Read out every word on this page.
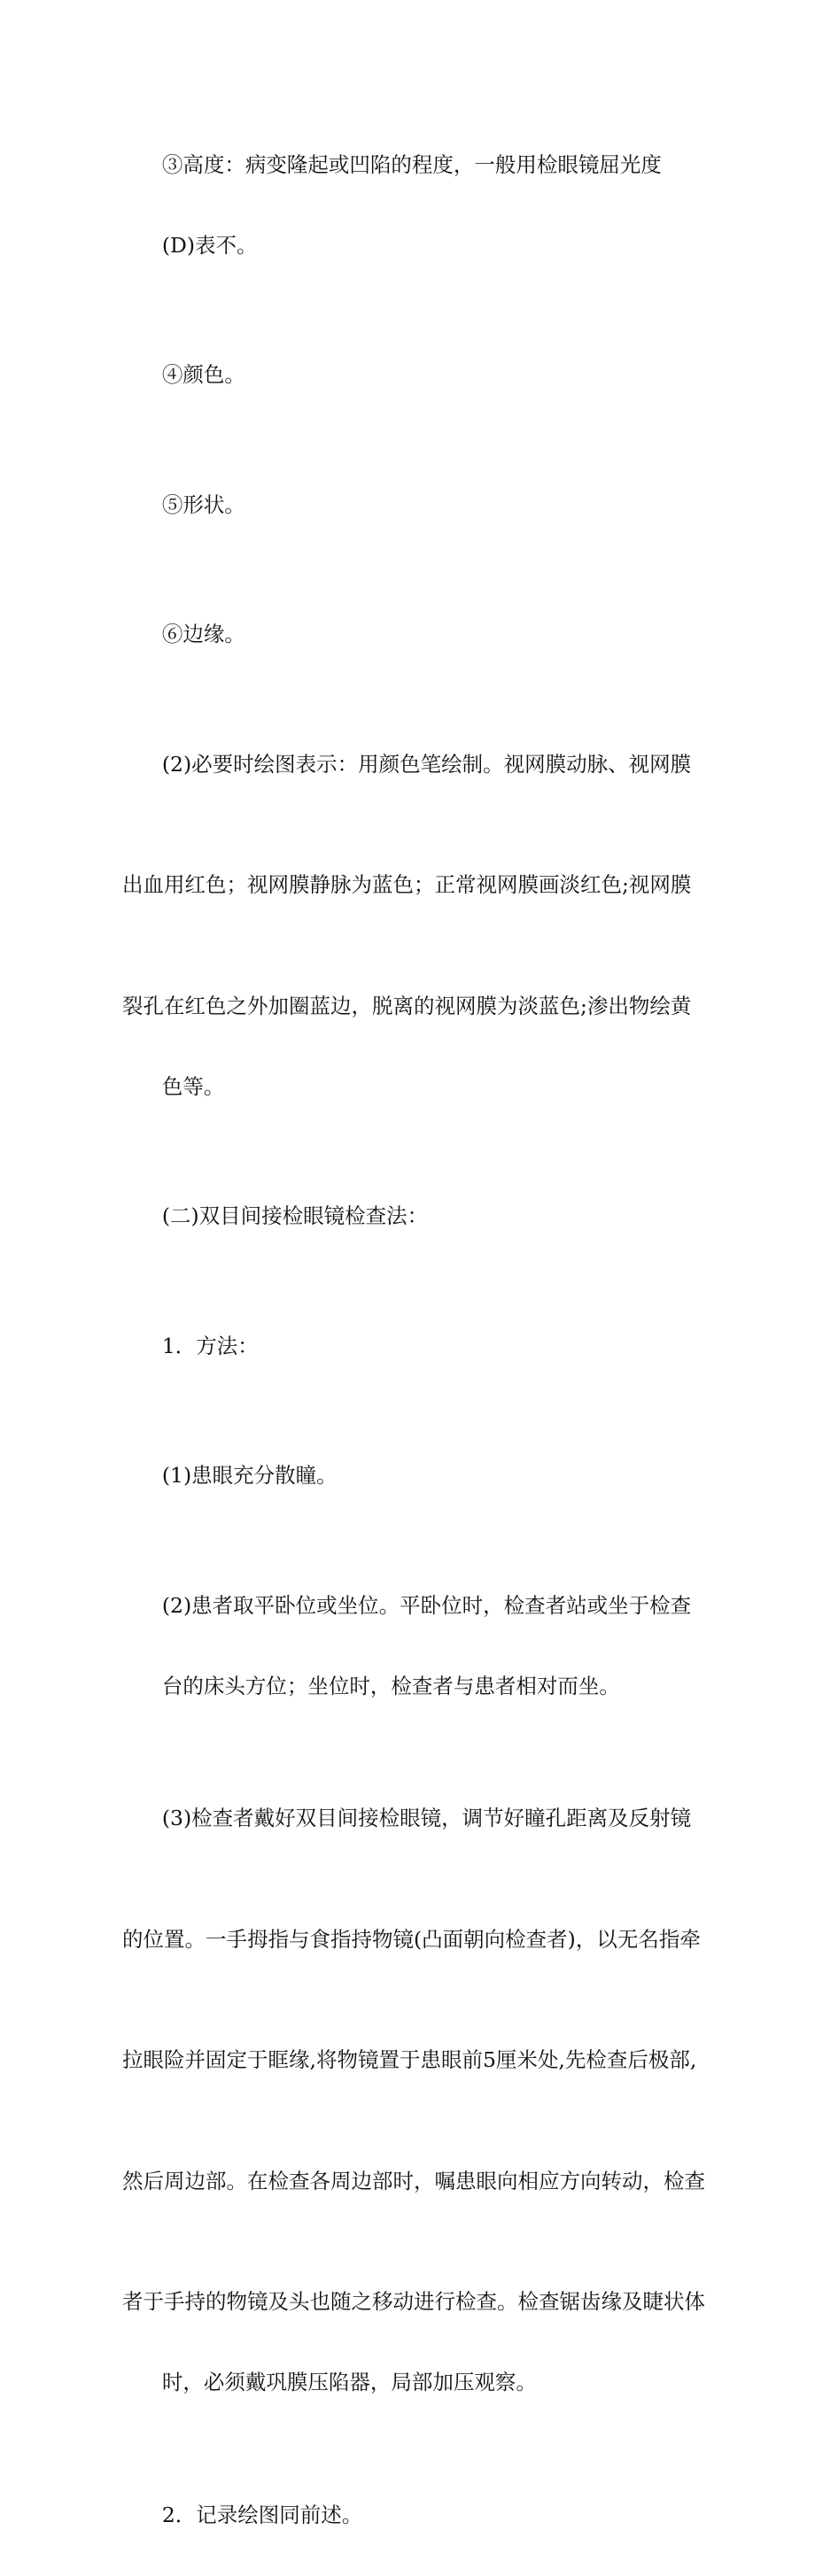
③高度：病变隆起或凹陷的程度，一般用检眼镜屈光度

(D)表不。

④颜色。

⑤形状。

⑥边缘。

(2)必要时绘图表示：用颜色笔绘制。视网膜动脉、视网膜

出血用红色；视网膜静脉为蓝色；正常视网膜画淡红色;视网膜

裂孔在红色之外加圈蓝边，脱离的视网膜为淡蓝色;渗出物绘黄

色等。

(二)双目间接检眼镜检查法：

1．方法：

(1)患眼充分散瞳。

(2)患者取平卧位或坐位。平卧位时，检查者站或坐于检查

台的床头方位；坐位时，检查者与患者相对而坐。

(3)检查者戴好双目间接检眼镜，调节好瞳孔距离及反射镜

的位置。一手拇指与食指持物镜(凸面朝向检查者)，以无名指牵

拉眼险并固定于眶缘,将物镜置于患眼前5厘米处,先检查后极部,

然后周边部。在检查各周边部时，嘱患眼向相应方向转动，检查

者于手持的物镜及头也随之移动进行检查。检查锯齿缘及睫状体

时，必须戴巩膜压陷器，局部加压观察。

2．记录绘图同前述。
